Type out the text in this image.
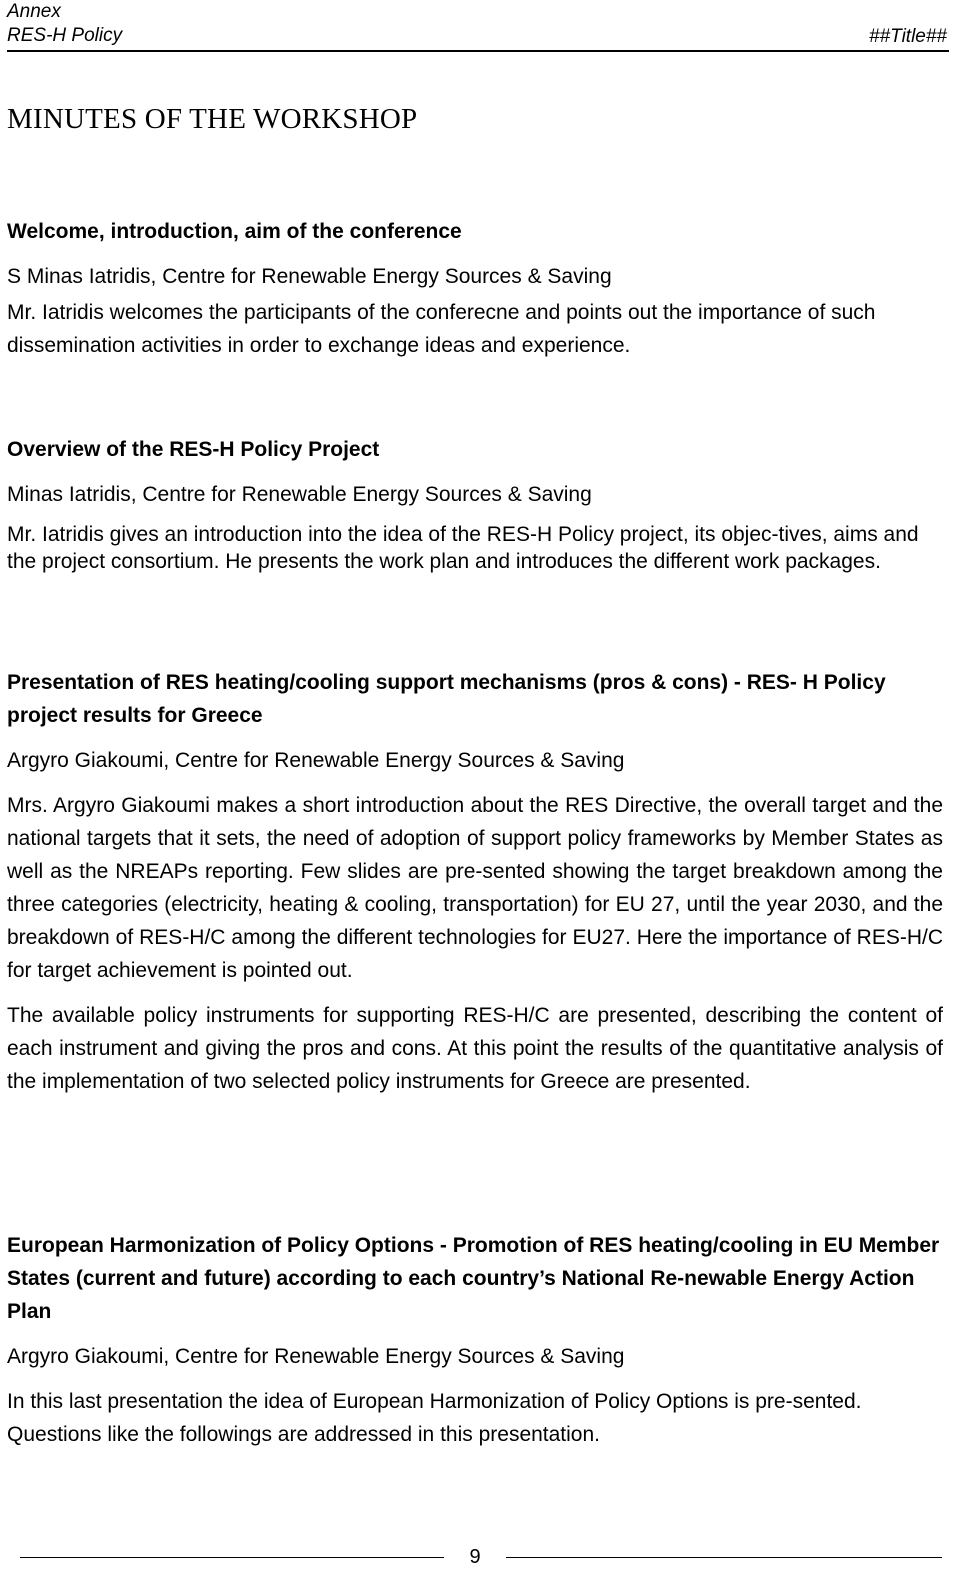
Annex
RES-H Policy	##Title##
MINUTES OF THE WORKSHOP
Welcome, introduction, aim of the conference

S Minas Iatridis, Centre for Renewable Energy Sources & Saving

Mr. Iatridis welcomes the participants of the conferecne and points out the importance of such dissemination activities in order to exchange ideas and experience.

Overview of the RES-H Policy Project

Minas Iatridis, Centre for Renewable Energy Sources & Saving

Mr. Iatridis gives an introduction into the idea of the RES-H Policy project, its objec-tives, aims and the project consortium. He presents the work plan and introduces the different work packages.

Presentation of RES heating/cooling support mechanisms (pros & cons) - RES- H Policy project results for Greece

Argyro Giakoumi, Centre for Renewable Energy Sources & Saving

Mrs. Argyro Giakoumi makes a short introduction about the RES Directive, the overall target and the national targets that it sets, the need of adoption of support policy frameworks by Member States as well as the NREAPs reporting. Few slides are pre-sented showing the target breakdown among the three categories (electricity, heating & cooling, transportation) for EU 27, until the year 2030, and the breakdown of RES-H/C among the different technologies for EU27. Here the importance of RES-H/C for target achievement is pointed out.

The available policy instruments for supporting RES-H/C are presented, describing the content of each instrument and giving the pros and cons. At this point the results of the quantitative analysis of the implementation of two selected policy instruments for Greece are presented.

European Harmonization of Policy Options - Promotion of RES heating/cooling in EU Member States (current and future) according to each country’s National Re-newable Energy Action Plan

Argyro Giakoumi, Centre for Renewable Energy Sources & Saving

In this last presentation the idea of European Harmonization of Policy Options is pre-sented. Questions like the followings are addressed in this presentation.

9
